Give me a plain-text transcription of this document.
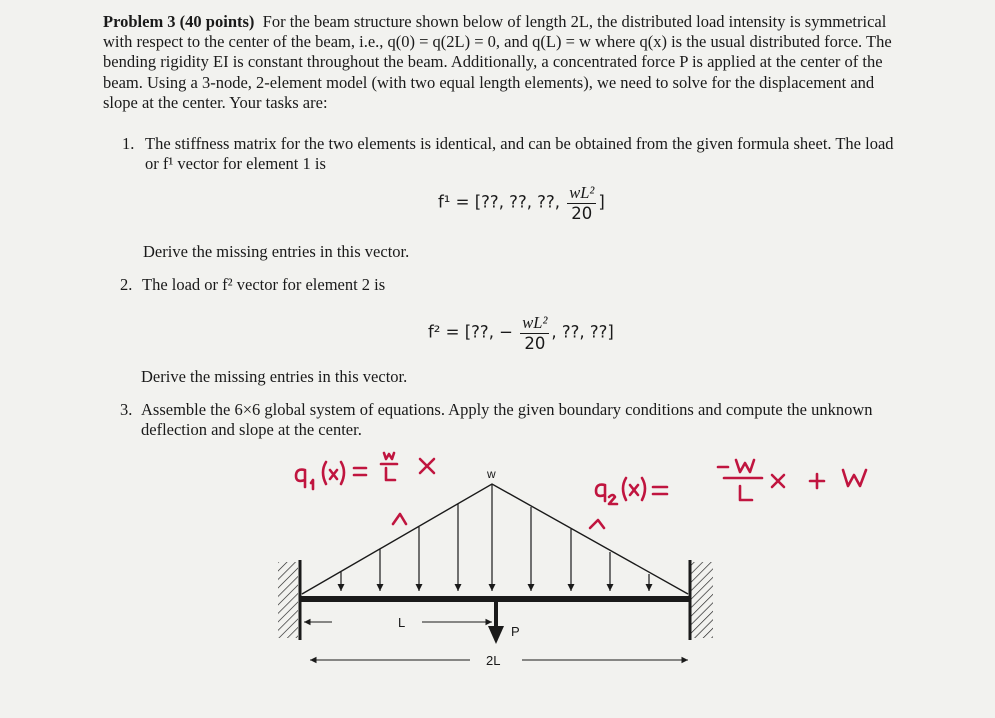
Problem 3 (40 points) For the beam structure shown below of length 2L, the distributed load intensity is symmetrical with respect to the center of the beam, i.e., q(0) = q(2L) = 0, and q(L) = w where q(x) is the usual distributed force. The bending rigidity EI is constant throughout the beam. Additionally, a concentrated force P is applied at the center of the beam. Using a 3-node, 2-element model (with two equal length elements), we need to solve for the displacement and slope at the center. Your tasks are:
1. The stiffness matrix for the two elements is identical, and can be obtained from the given formula sheet. The load or f¹ vector for element 1 is
f¹ = [??, ??, ??, $\frac{\text{wL²}}{20}$ ]
Derive the missing entries in this vector.
2. The load or f² vector for element 2 is
f² = [??, − $\frac{\text{wL²}}{20}$ , ??, ??]
Derive the missing entries in this vector.
3. Assemble the 6×6 global system of equations. Apply the given boundary conditions and compute the unknown deflection and slope at the center.
w
P
L
2L
